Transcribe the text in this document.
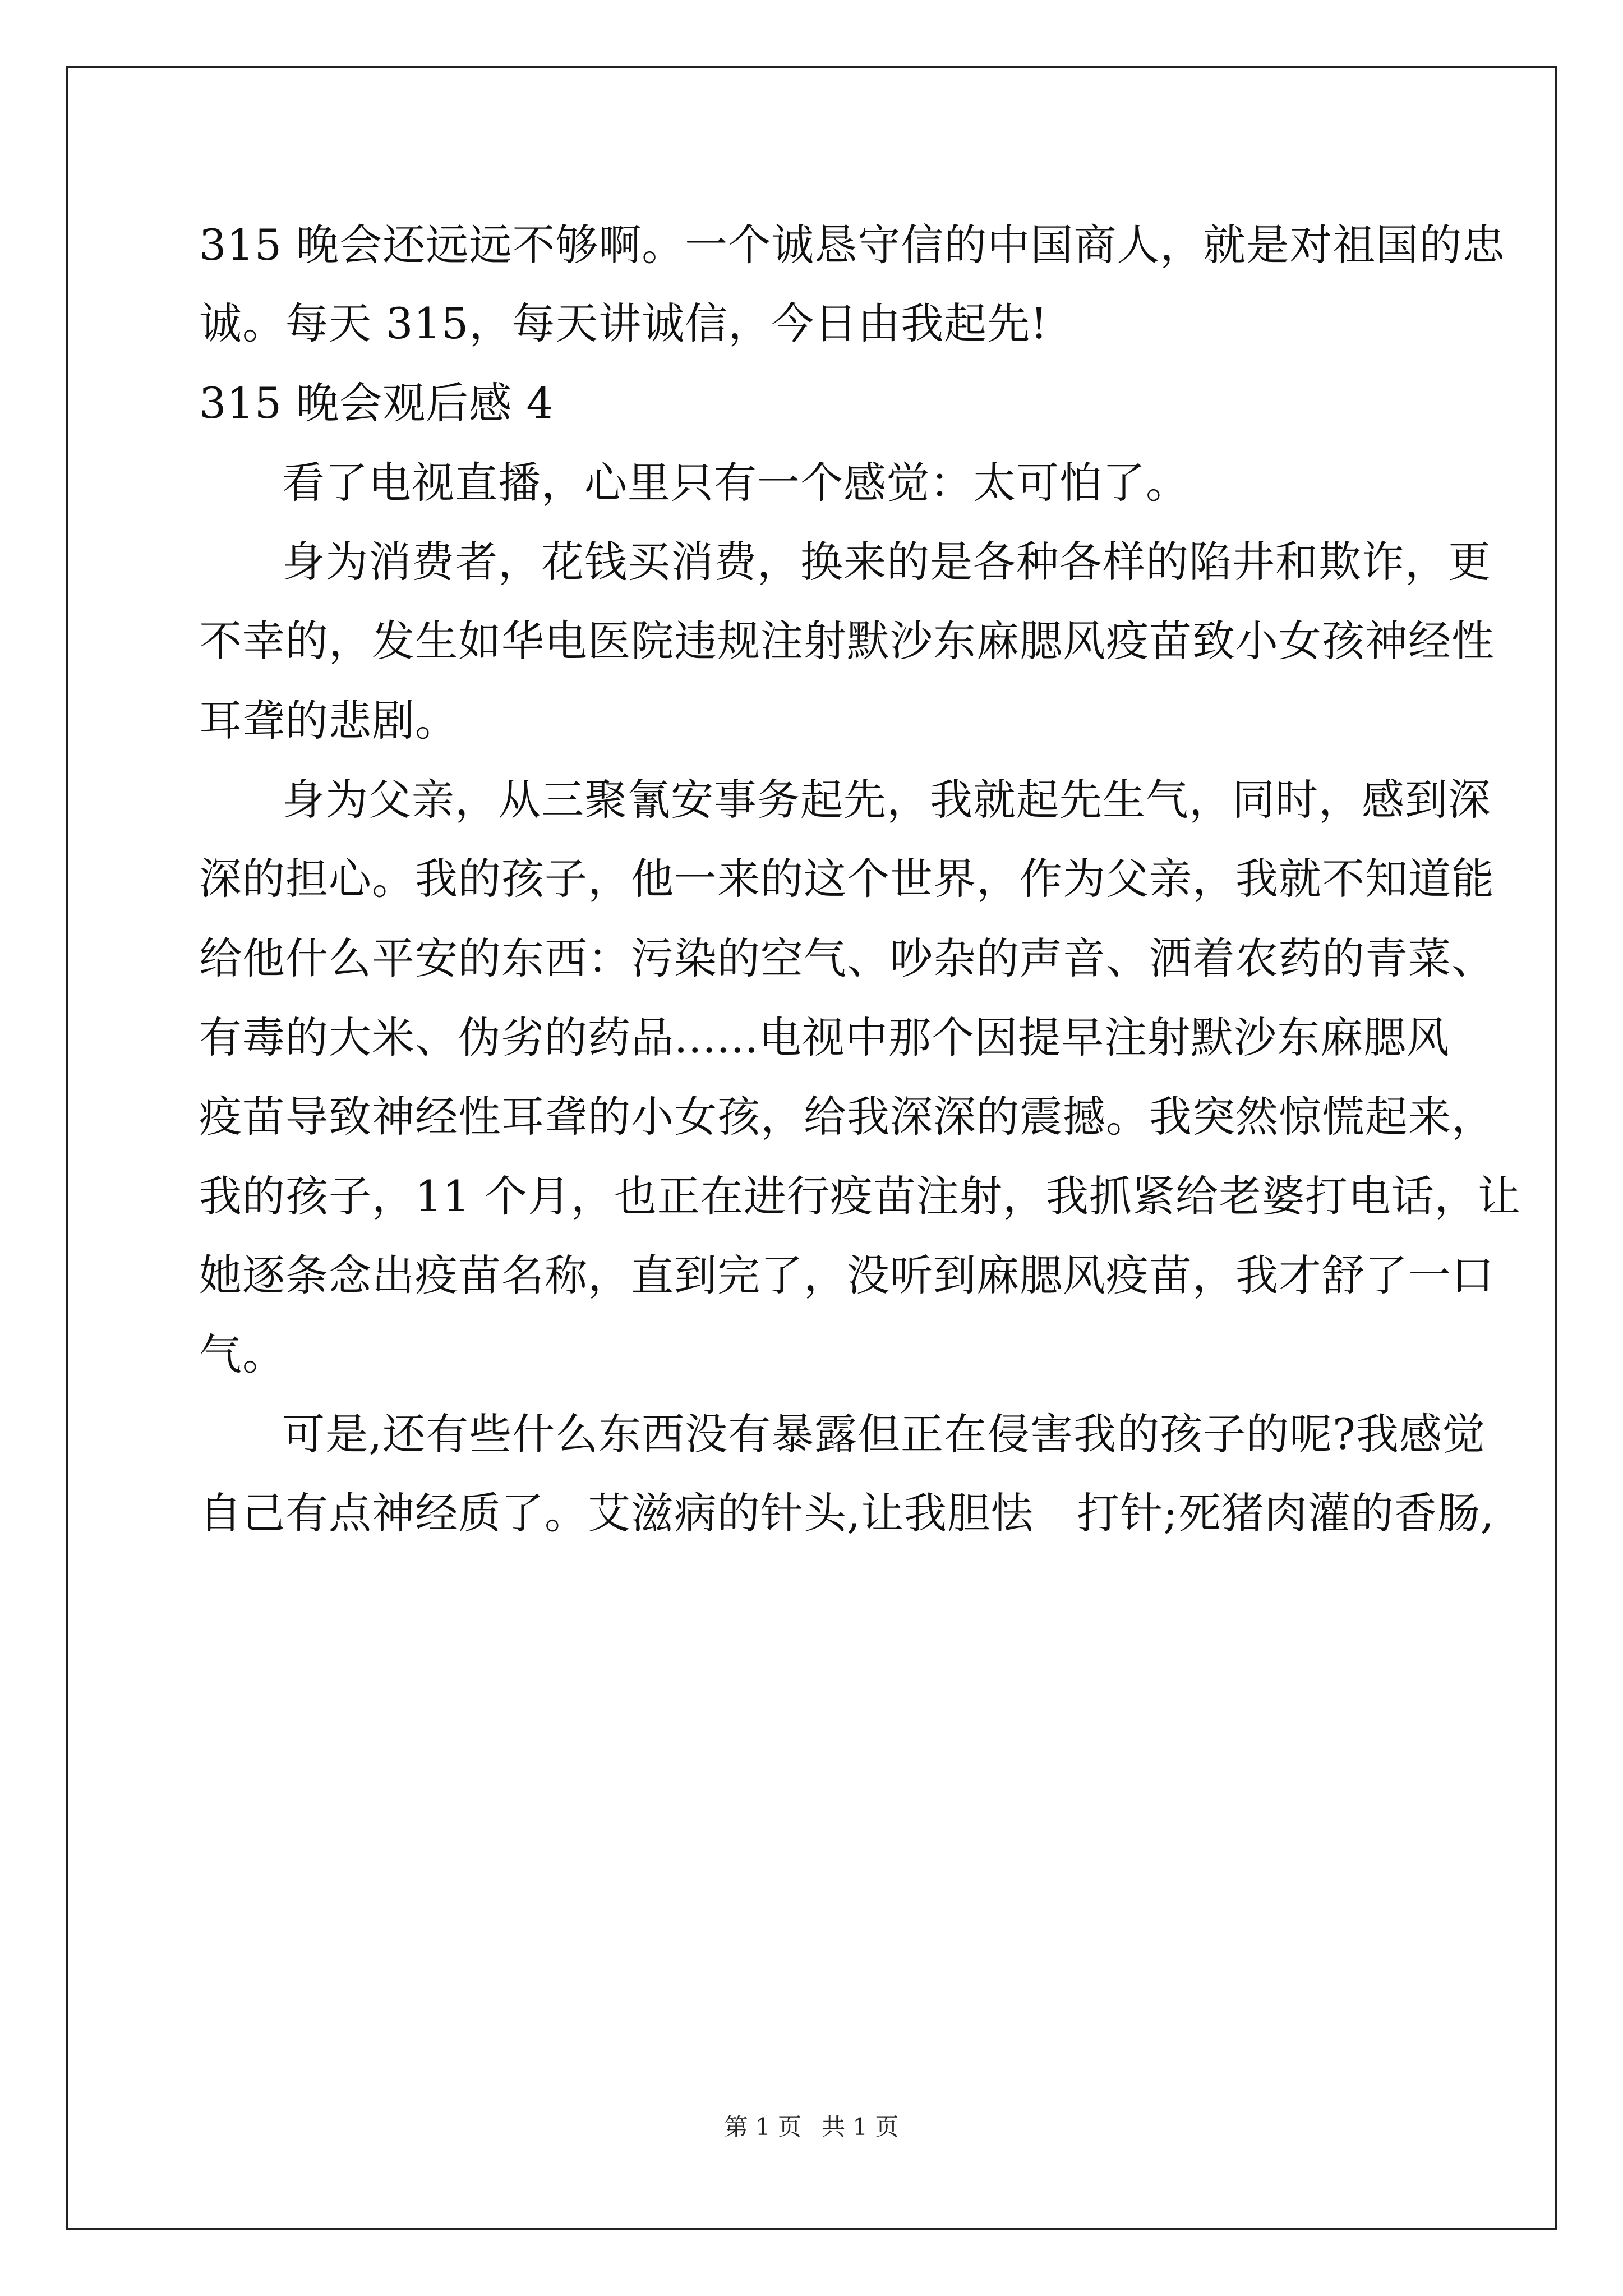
315 晚会还远远不够啊。一个诚恳守信的中国商人，就是对祖国的忠
诚。每天 315，每天讲诚信，今日由我起先!
315 晚会观后感 4
看了电视直播，心里只有一个感觉：太可怕了。
身为消费者，花钱买消费，换来的是各种各样的陷井和欺诈，更
不幸的，发生如华电医院违规注射默沙东麻腮风疫苗致小女孩神经性
耳聋的悲剧。
身为父亲，从三聚氰安事务起先，我就起先生气，同时，感到深
深的担心。我的孩子，他一来的这个世界，作为父亲，我就不知道能
给他什么平安的东西：污染的空气、吵杂的声音、洒着农药的青菜、
有毒的大米、伪劣的药品......电视中那个因提早注射默沙东麻腮风
疫苗导致神经性耳聋的小女孩，给我深深的震撼。我突然惊慌起来，
我的孩子，11 个月，也正在进行疫苗注射，我抓紧给老婆打电话，让
她逐条念出疫苗名称，直到完了，没听到麻腮风疫苗，我才舒了一口
气。
可是,还有些什么东西没有暴露但正在侵害我的孩子的呢?我感觉
自己有点神经质了。艾滋病的针头,让我胆怯　打针;死猪肉灌的香肠,
第 1 页 共 1 页
